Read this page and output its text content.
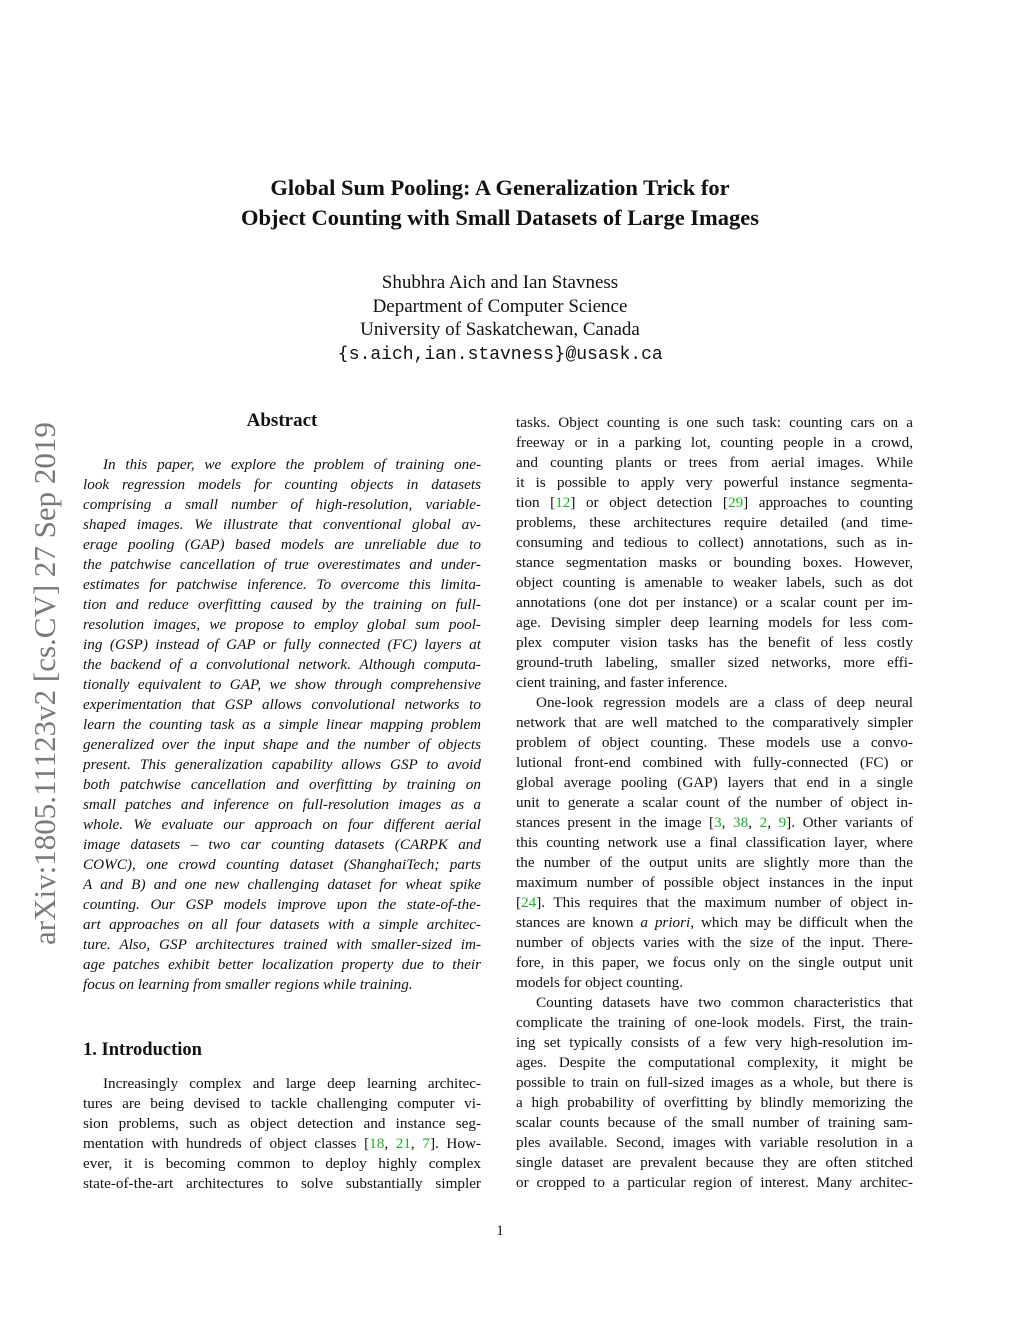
arXiv:1805.11123v2 [cs.CV] 27 Sep 2019
Global Sum Pooling: A Generalization Trick for
Object Counting with Small Datasets of Large Images
Shubhra Aich and Ian Stavness
Department of Computer Science
University of Saskatchewan, Canada
{s.aich,ian.stavness}@usask.ca
Abstract
In this paper, we explore the problem of training one-
look regression models for counting objects in datasets
comprising a small number of high-resolution, variable-
shaped images. We illustrate that conventional global av-
erage pooling (GAP) based models are unreliable due to
the patchwise cancellation of true overestimates and under-
estimates for patchwise inference. To overcome this limita-
tion and reduce overfitting caused by the training on full-
resolution images, we propose to employ global sum pool-
ing (GSP) instead of GAP or fully connected (FC) layers at
the backend of a convolutional network. Although computa-
tionally equivalent to GAP, we show through comprehensive
experimentation that GSP allows convolutional networks to
learn the counting task as a simple linear mapping problem
generalized over the input shape and the number of objects
present. This generalization capability allows GSP to avoid
both patchwise cancellation and overfitting by training on
small patches and inference on full-resolution images as a
whole. We evaluate our approach on four different aerial
image datasets – two car counting datasets (CARPK and
COWC), one crowd counting dataset (ShanghaiTech; parts
A and B) and one new challenging dataset for wheat spike
counting. Our GSP models improve upon the state-of-the-
art approaches on all four datasets with a simple architec-
ture. Also, GSP architectures trained with smaller-sized im-
age patches exhibit better localization property due to their
focus on learning from smaller regions while training.
1. Introduction
Increasingly complex and large deep learning architec-
tures are being devised to tackle challenging computer vi-
sion problems, such as object detection and instance seg-
mentation with hundreds of object classes [18, 21, 7]. How-
ever, it is becoming common to deploy highly complex
state-of-the-art architectures to solve substantially simpler
tasks. Object counting is one such task: counting cars on a
freeway or in a parking lot, counting people in a crowd,
and counting plants or trees from aerial images. While
it is possible to apply very powerful instance segmenta-
tion [12] or object detection [29] approaches to counting
problems, these architectures require detailed (and time-
consuming and tedious to collect) annotations, such as in-
stance segmentation masks or bounding boxes. However,
object counting is amenable to weaker labels, such as dot
annotations (one dot per instance) or a scalar count per im-
age. Devising simpler deep learning models for less com-
plex computer vision tasks has the benefit of less costly
ground-truth labeling, smaller sized networks, more effi-
cient training, and faster inference.
One-look regression models are a class of deep neural
network that are well matched to the comparatively simpler
problem of object counting. These models use a convo-
lutional front-end combined with fully-connected (FC) or
global average pooling (GAP) layers that end in a single
unit to generate a scalar count of the number of object in-
stances present in the image [3, 38, 2, 9]. Other variants of
this counting network use a final classification layer, where
the number of the output units are slightly more than the
maximum number of possible object instances in the input
[24]. This requires that the maximum number of object in-
stances are known a priori, which may be difficult when the
number of objects varies with the size of the input. There-
fore, in this paper, we focus only on the single output unit
models for object counting.
Counting datasets have two common characteristics that
complicate the training of one-look models. First, the train-
ing set typically consists of a few very high-resolution im-
ages. Despite the computational complexity, it might be
possible to train on full-sized images as a whole, but there is
a high probability of overfitting by blindly memorizing the
scalar counts because of the small number of training sam-
ples available. Second, images with variable resolution in a
single dataset are prevalent because they are often stitched
or cropped to a particular region of interest. Many architec-
1
